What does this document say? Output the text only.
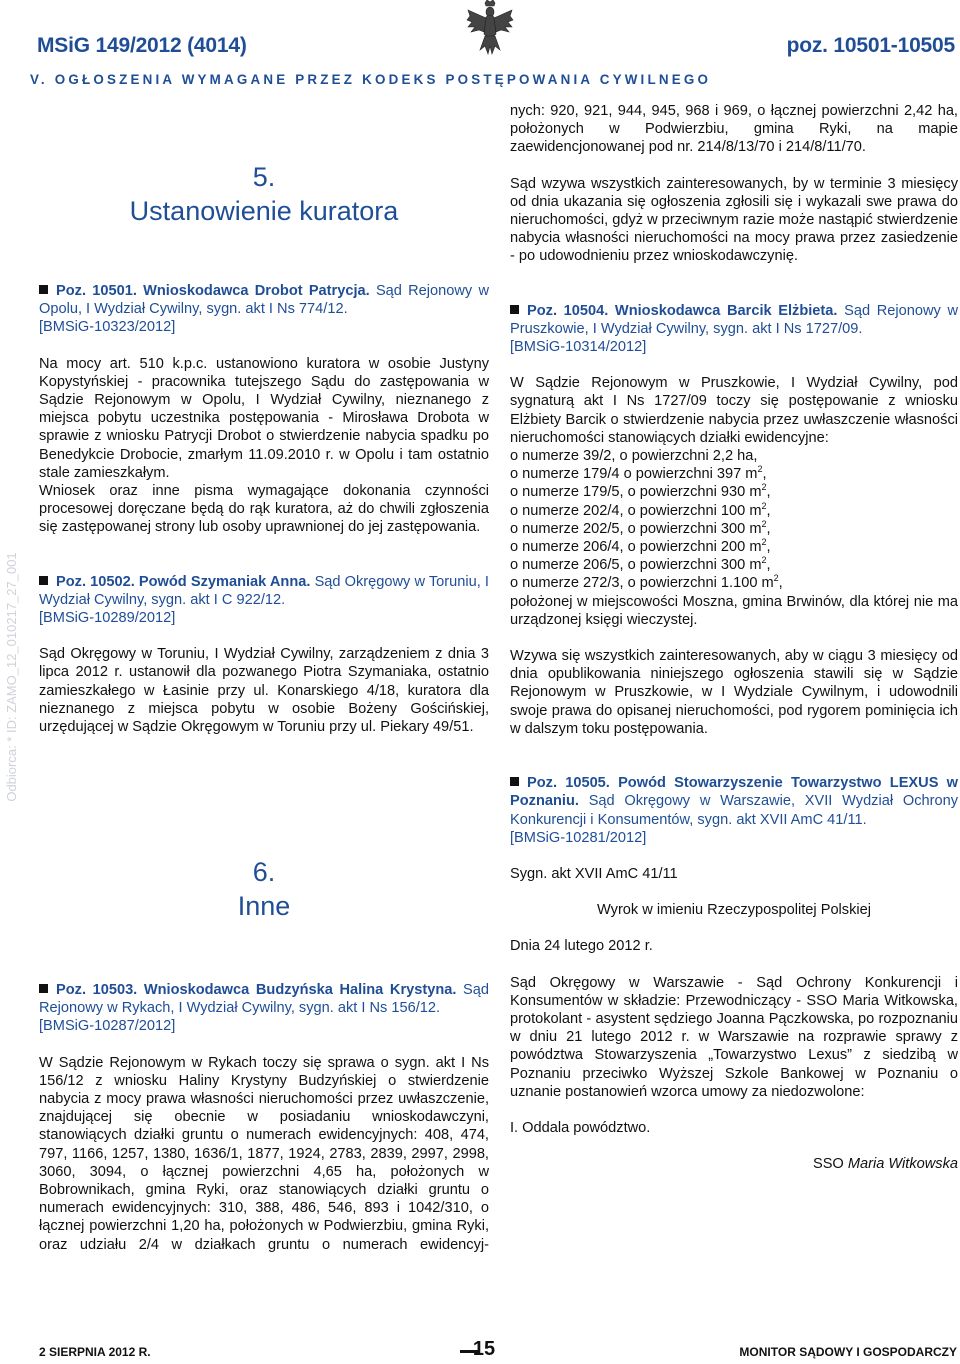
MSiG 149/2012 (4014)	poz. 10501-10505
V. OGŁOSZENIA WYMAGANE PRZEZ KODEKS POSTĘPOWANIA CYWILNEGO
Odbiorca: * ID: ZAMO_12_010217_27_001
5.
Ustanowienie kuratora

Poz. 10501. Wnioskodawca Drobot Patrycja. Sąd Rejonowy w Opolu, I Wydział Cywilny, sygn. akt I Ns 774/12.

[BMSiG-10323/2012]

Na mocy art. 510 k.p.c. ustanowiono kuratora w osobie Justyny Kopystyńskiej - pracownika tutejszego Sądu do zastępowania w Sądzie Rejonowym w Opolu, I Wydział Cywilny, nieznanego z miejsca pobytu uczestnika postępowania - Mirosława Drobota w sprawie z wniosku Patrycji Drobot o stwierdzenie nabycia spadku po Benedykcie Drobocie, zmarłym 11.09.2010 r. w Opolu i tam ostatnio stale zamieszkałym.

Wniosek oraz inne pisma wymagające dokonania czynności procesowej doręczane będą do rąk kuratora, aż do chwili zgłoszenia się zastępowanej strony lub osoby uprawnionej do jej zastępowania.

Poz. 10502. Powód Szymaniak Anna. Sąd Okręgowy w Toruniu, I Wydział Cywilny, sygn. akt I C 922/12.

[BMSiG-10289/2012]

Sąd Okręgowy w Toruniu, I Wydział Cywilny, zarządzeniem z dnia 3 lipca 2012 r. ustanowił dla pozwanego Piotra Szymaniaka, ostatnio zamieszkałego w Łasinie przy ul. Konarskiego 4/18, kuratora dla nieznanego z miejsca pobytu w osobie Bożeny Gościńskiej, urzędującej w Sądzie Okręgowym w Toruniu przy ul. Piekary 49/51.

6.
Inne

Poz. 10503. Wnioskodawca Budzyńska Halina Krystyna. Sąd Rejonowy w Rykach, I Wydział Cywilny, sygn. akt I Ns 156/12.

[BMSiG-10287/2012]

W Sądzie Rejonowym w Rykach toczy się sprawa o sygn. akt I Ns 156/12 z wniosku Haliny Krystyny Budzyńskiej o stwierdzenie nabycia z mocy prawa własności nieruchomości przez uwłaszczenie, znajdującej się obecnie w posiadaniu wnioskodawczyni, stanowiących działki gruntu o numerach ewidencyjnych: 408, 474, 797, 1166, 1257, 1380, 1636/1, 1877, 1924, 2783, 2839, 2997, 2998, 3060, 3094, o łącznej powierzchni 4,65 ha, położonych w Bobrownikach, gmina Ryki, oraz stanowiących działki gruntu o numerach ewidencyjnych: 310, 388, 486, 546, 893 i 1042/310, o łącznej powierzchni 1,20 ha, położonych w Podwierzbiu, gmina Ryki, oraz udziału 2/4 w działkach gruntu o numerach ewidencyj-

nych: 920, 921, 944, 945, 968 i 969, o łącznej powierzchni 2,42 ha, położonych w Podwierzbiu, gmina Ryki, na mapie zaewidencjonowanej pod nr. 214/8/13/70 i 214/8/11/70.

Sąd wzywa wszystkich zainteresowanych, by w terminie 3 miesięcy od dnia ukazania się ogłoszenia zgłosili się i wykazali swe prawa do nieruchomości, gdyż w przeciwnym razie może nastąpić stwierdzenie nabycia własności nieruchomości na mocy prawa przez zasiedzenie - po udowodnieniu przez wnioskodawczynię.

Poz. 10504. Wnioskodawca Barcik Elżbieta. Sąd Rejonowy w Pruszkowie, I Wydział Cywilny, sygn. akt I Ns 1727/09.

[BMSiG-10314/2012]

W Sądzie Rejonowym w Pruszkowie, I Wydział Cywilny, pod sygnaturą akt I Ns 1727/09 toczy się postępowanie z wniosku Elżbiety Barcik o stwierdzenie nabycia przez uwłaszczenie własności nieruchomości stanowiących działki ewidencyjne:

o numerze 39/2, o powierzchni 2,2 ha,
o numerze 179/4 o powierzchni 397 $m^2$,
o numerze 179/5, o powierzchni 930 $m^2$,
o numerze 202/4, o powierzchni 100 $m^2$,
o numerze 202/5, o powierzchni 300 $m^2$,
o numerze 206/4, o powierzchni 200 $m^2$,
o numerze 206/5, o powierzchni 300 $m^2$,
o numerze 272/3, o powierzchni 1.100 $m^2$,

położonej w miejscowości Moszna, gmina Brwinów, dla której nie ma urządzonej księgi wieczystej.

Wzywa się wszystkich zainteresowanych, aby w ciągu 3 miesięcy od dnia opublikowania niniejszego ogłoszenia stawili się w Sądzie Rejonowym w Pruszkowie, w I Wydziale Cywilnym, i udowodnili swoje prawa do opisanej nieruchomości, pod rygorem pominięcia ich w dalszym toku postępowania.

Poz. 10505. Powód Stowarzyszenie Towarzystwo LEXUS w Poznaniu. Sąd Okręgowy w Warszawie, XVII Wydział Ochrony Konkurencji i Konsumentów, sygn. akt XVII AmC 41/11.

[BMSiG-10281/2012]

Sygn. akt XVII AmC 41/11

Wyrok w imieniu Rzeczypospolitej Polskiej

Dnia 24 lutego 2012 r.

Sąd Okręgowy w Warszawie - Sąd Ochrony Konkurencji i Konsumentów w składzie: Przewodniczący - SSO Maria Witkowska, protokolant - asystent sędziego Joanna Pączkowska, po rozpoznaniu w dniu 21 lutego 2012 r. w Warszawie na rozprawie sprawy z powództwa Stowarzyszenia „Towarzystwo Lexus” z siedzibą w Poznaniu przeciwko Wyższej Szkole Bankowej w Poznaniu o uznanie postanowień wzorca umowy za niedozwolone:

I. Oddala powództwo.

SSO Maria Witkowska

2 SIERPNIA 2012 R.	15	MONITOR SĄDOWY I GOSPODARCZY
